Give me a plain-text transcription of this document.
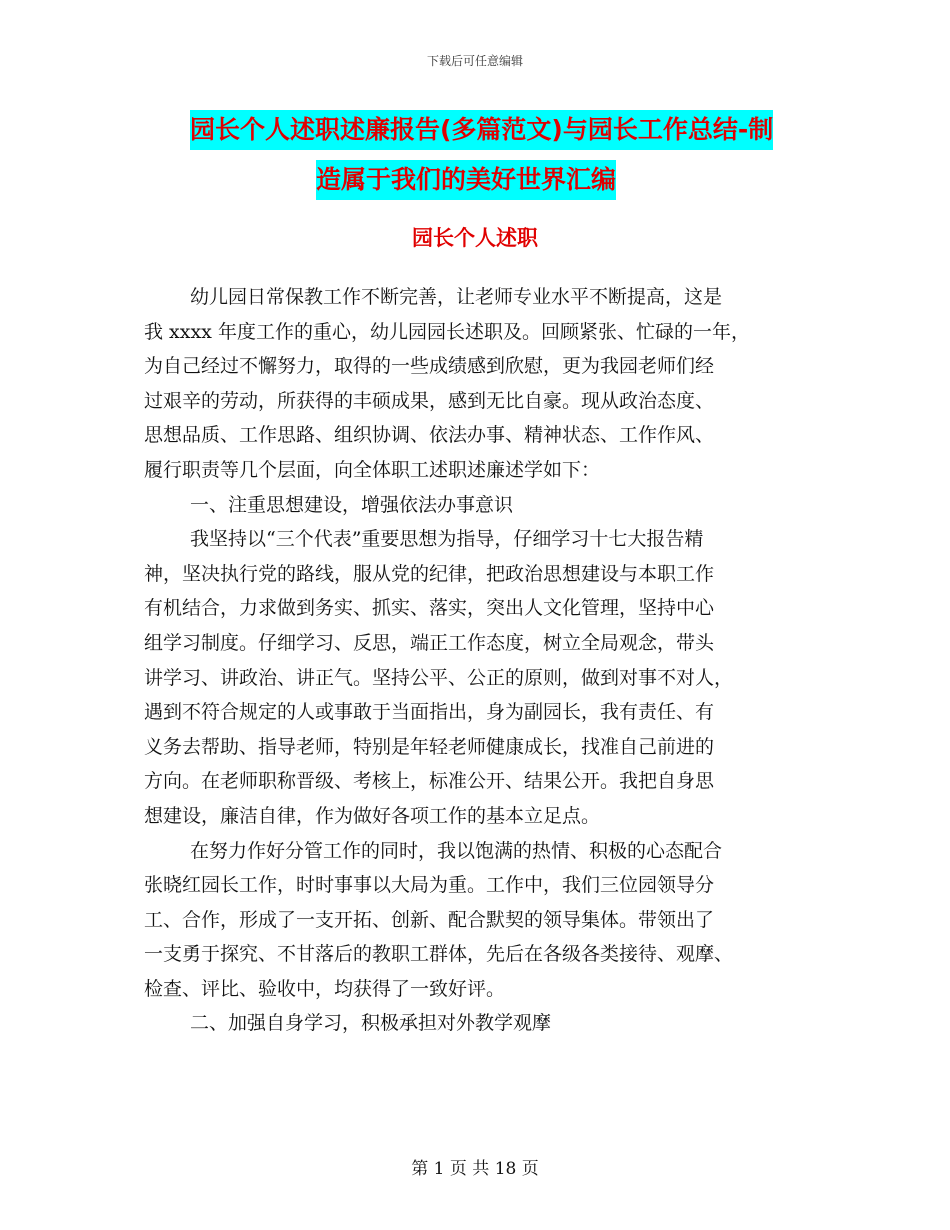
下载后可任意编辑
园长个人述职述廉报告(多篇范文)与园长工作总结-制
造属于我们的美好世界汇编
园长个人述职
幼儿园日常保教工作不断完善，让老师专业水平不断提高，这是
我 xxxx 年度工作的重心，幼儿园园长述职及。回顾紧张、忙碌的一年，
为自己经过不懈努力，取得的一些成绩感到欣慰，更为我园老师们经
过艰辛的劳动，所获得的丰硕成果，感到无比自豪。现从政治态度、
思想品质、工作思路、组织协调、依法办事、精神状态、工作作风、
履行职责等几个层面，向全体职工述职述廉述学如下：
一、注重思想建设，增强依法办事意识
我坚持以“三个代表”重要思想为指导，仔细学习十七大报告精
神，坚决执行党的路线，服从党的纪律，把政治思想建设与本职工作
有机结合，力求做到务实、抓实、落实，突出人文化管理，坚持中心
组学习制度。仔细学习、反思，端正工作态度，树立全局观念，带头
讲学习、讲政治、讲正气。坚持公平、公正的原则，做到对事不对人，
遇到不符合规定的人或事敢于当面指出，身为副园长，我有责任、有
义务去帮助、指导老师，特别是年轻老师健康成长，找准自己前进的
方向。在老师职称晋级、考核上，标准公开、结果公开。我把自身思
想建设，廉洁自律，作为做好各项工作的基本立足点。
在努力作好分管工作的同时，我以饱满的热情、积极的心态配合
张晓红园长工作，时时事事以大局为重。工作中，我们三位园领导分
工、合作，形成了一支开拓、创新、配合默契的领导集体。带领出了
一支勇于探究、不甘落后的教职工群体，先后在各级各类接待、观摩、
检查、评比、验收中，均获得了一致好评。
二、加强自身学习，积极承担对外教学观摩
第 1 页 共 18 页
